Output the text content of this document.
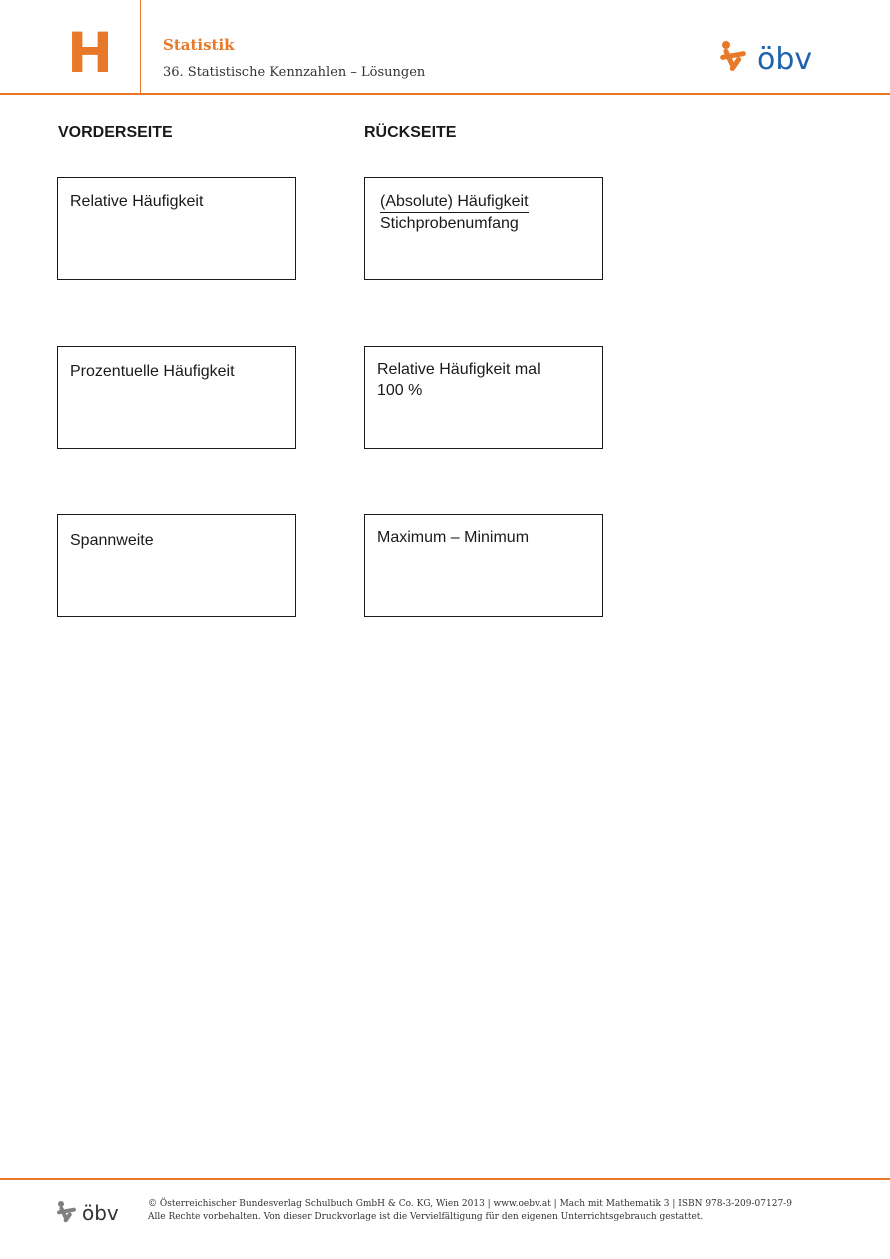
H	Statistik
36. Statistische Kennzahlen – Lösungen	öbv
VORDERSEITE	RÜCKSEITE
Relative Häufigkeit	(Absolute) Häufigkeit
Stichprobenumfang
Prozentuelle Häufigkeit	Relative Häufigkeit mal
100 %
Spannweite	Maximum – Minimum
öbv	© Österreichischer Bundesverlag Schulbuch GmbH & Co. KG, Wien 2013 | www.oebv.at | Mach mit Mathematik 3 | ISBN 978-3-209-07127-9
Alle Rechte vorbehalten. Von dieser Druckvorlage ist die Vervielfältigung für den eigenen Unterrichtsgebrauch gestattet.
